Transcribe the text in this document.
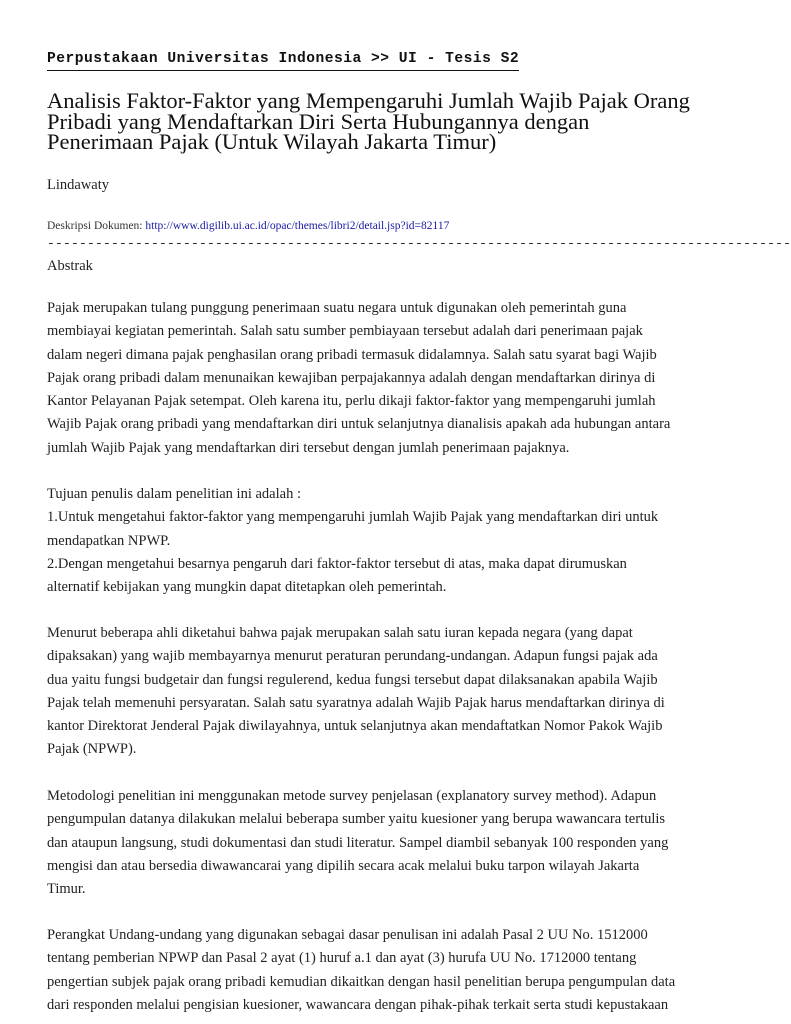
Perpustakaan Universitas Indonesia >> UI - Tesis S2
Analisis Faktor-Faktor yang Mempengaruhi Jumlah Wajib Pajak Orang
Pribadi yang Mendaftarkan Diri Serta Hubungannya dengan
Penerimaan Pajak (Untuk Wilayah Jakarta Timur)
Lindawaty
Deskripsi Dokumen: http://www.digilib.ui.ac.id/opac/themes/libri2/detail.jsp?id=82117
---------------------------------------------------------------------------------------------
Abstrak
Pajak merupakan tulang punggung penerimaan suatu negara untuk digunakan oleh pemerintah guna
membiayai kegiatan pemerintah. Salah satu sumber pembiayaan tersebut adalah dari penerimaan pajak
dalam negeri dimana pajak penghasilan orang pribadi termasuk didalamnya. Salah satu syarat bagi Wajib
Pajak orang pribadi dalam menunaikan kewajiban perpajakannya adalah dengan mendaftarkan dirinya di
Kantor Pelayanan Pajak setempat. Oleh karena itu, perlu dikaji faktor-faktor yang mempengaruhi jumlah
Wajib Pajak orang pribadi yang mendaftarkan diri untuk selanjutnya dianalisis apakah ada hubungan antara
jumlah Wajib Pajak yang mendaftarkan diri tersebut dengan jumlah penerimaan pajaknya.
Tujuan penulis dalam penelitian ini adalah :
1.Untuk mengetahui faktor-faktor yang mempengaruhi jumlah Wajib Pajak yang mendaftarkan diri untuk
mendapatkan NPWP.
2.Dengan mengetahui besarnya pengaruh dari faktor-faktor tersebut di atas, maka dapat dirumuskan
alternatif kebijakan yang mungkin dapat ditetapkan oleh pemerintah.
Menurut beberapa ahli diketahui bahwa pajak merupakan salah satu iuran kepada negara (yang dapat
dipaksakan) yang wajib membayarnya menurut peraturan perundang-undangan. Adapun fungsi pajak ada
dua yaitu fungsi budgetair dan fungsi regulerend, kedua fungsi tersebut dapat dilaksanakan apabila Wajib
Pajak telah memenuhi persyaratan. Salah satu syaratnya adalah Wajib Pajak harus mendaftarkan dirinya di
kantor Direktorat Jenderal Pajak diwilayahnya, untuk selanjutnya akan mendaftatkan Nomor Pakok Wajib
Pajak (NPWP).
Metodologi penelitian ini menggunakan metode survey penjelasan (explanatory survey method). Adapun
pengumpulan datanya dilakukan melalui beberapa sumber yaitu kuesioner yang berupa wawancara tertulis
dan ataupun langsung, studi dokumentasi dan studi literatur. Sampel diambil sebanyak 100 responden yang
mengisi dan atau bersedia diwawancarai yang dipilih secara acak melalui buku tarpon wilayah Jakarta
Timur.
Perangkat Undang-undang yang digunakan sebagai dasar penulisan ini adalah Pasal 2 UU No. 1512000
tentang pemberian NPWP dan Pasal 2 ayat (1) huruf a.1 dan ayat (3) hurufa UU No. 1712000 tentang
pengertian subjek pajak orang pribadi kemudian dikaitkan dengan hasil penelitian berupa pengumpulan data
dari responden melalui pengisian kuesioner, wawancara dengan pihak-pihak terkait serta studi kepustakaan
